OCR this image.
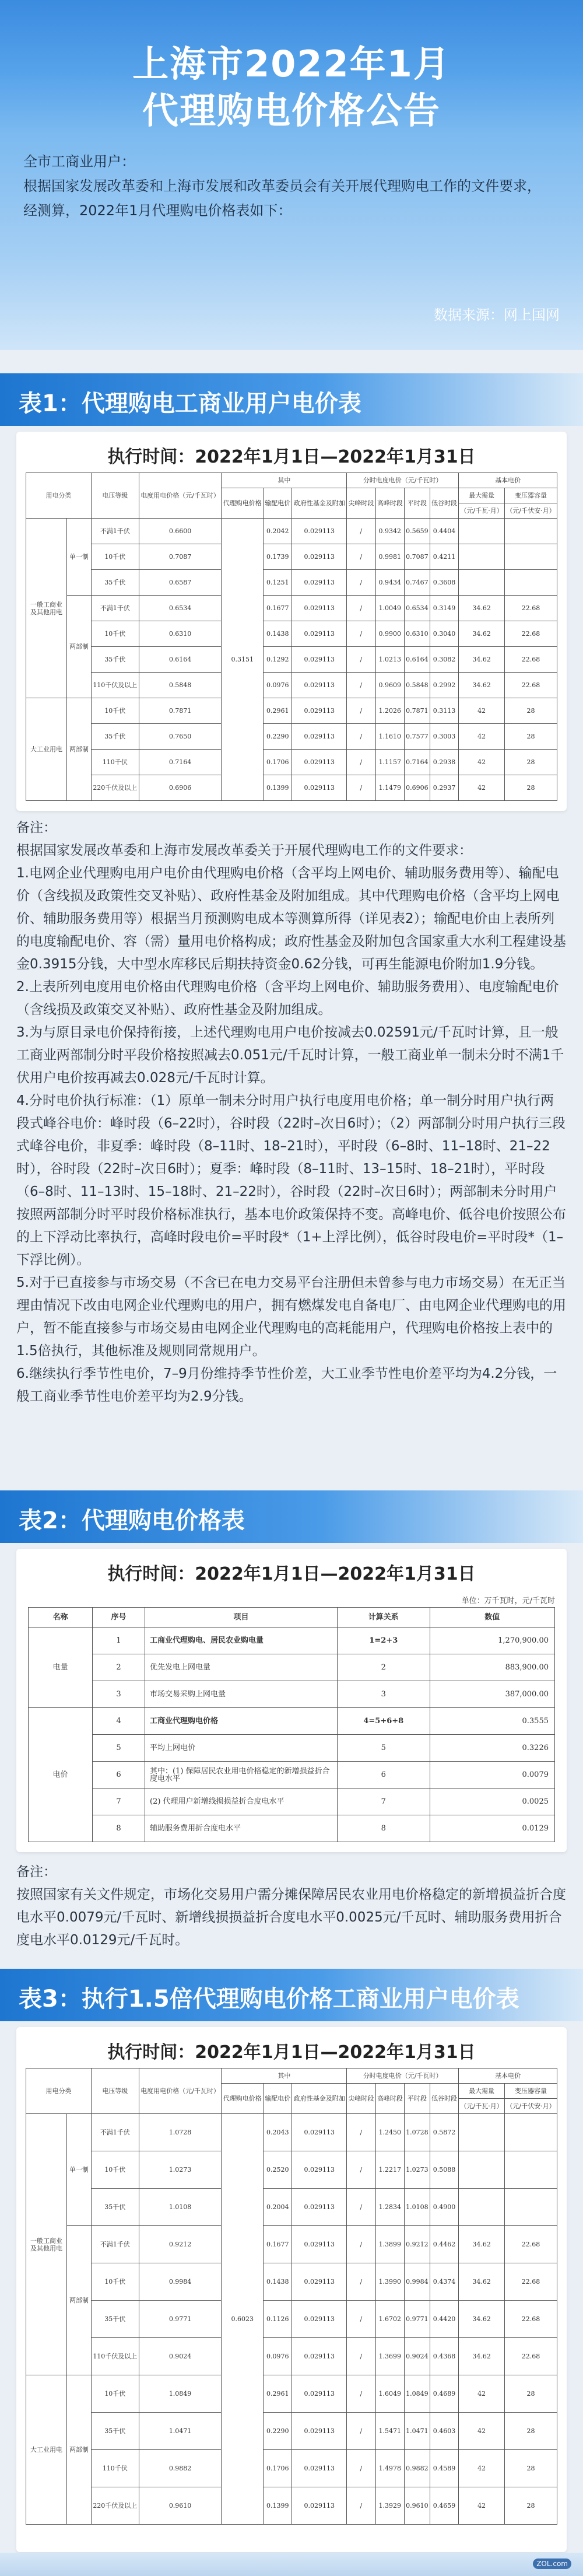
上海市2022年1月
代理购电价格公告

全市工商业用户：

根据国家发展改革委和上海市发展和改革委员会有关开展代理购电工作的文件要求，

经测算，2022年1月代理购电价格表如下：

数据来源：网上国网
表1：代理购电工商业用户电价表
执行时间：2022年1月1日—2022年1月31日
用电分类		电压等级	电度用电价格（元/千瓦时）	其中			分时电度电价（元/千瓦时）				基本电价	
				代理购电价格	输配电价	政府性基金及附加	尖峰时段	高峰时段	平时段	低谷时段	最大需量	变压器容量
											（元/千瓦·月）	（元/千伏安·月）
一般工商业及其他用电	单一制	不满1千伏	0.6600	0.3151	0.2042	0.029113	/	0.9342	0.5659	0.4404		
		10千伏	0.7087		0.1739	0.029113	/	0.9981	0.7087	0.4211		
		35千伏	0.6587		0.1251	0.029113	/	0.9434	0.7467	0.3608		
	两部制	不满1千伏	0.6534		0.1677	0.029113	/	1.0049	0.6534	0.3149	34.62	22.68
		10千伏	0.6310		0.1438	0.029113	/	0.9900	0.6310	0.3040	34.62	22.68
		35千伏	0.6164		0.1292	0.029113	/	1.0213	0.6164	0.3082	34.62	22.68
		110千伏及以上	0.5848		0.0976	0.029113	/	0.9609	0.5848	0.2992	34.62	22.68
大工业用电	两部制	10千伏	0.7871		0.2961	0.029113	/	1.2026	0.7871	0.3113	42	28
		35千伏	0.7650		0.2290	0.029113	/	1.1610	0.7577	0.3003	42	28
		110千伏	0.7164		0.1706	0.029113	/	1.1157	0.7164	0.2938	42	28
		220千伏及以上	0.6906		0.1399	0.029113	/	1.1479	0.6906	0.2937	42	28

备注：

根据国家发展改革委和上海市发展改革委关于开展代理购电工作的文件要求：

1.电网企业代理购电用户电价由代理购电价格（含平均上网电价、辅助服务费用等）、输配电价（含线损及政策性交叉补贴）、政府性基金及附加组成。其中代理购电价格（含平均上网电价、辅助服务费用等）根据当月预测购电成本等测算所得（详见表2）；输配电价由上表所列的电度输配电价、容（需）量用电价格构成；政府性基金及附加包含国家重大水利工程建设基金0.3915分钱，大中型水库移民后期扶持资金0.62分钱，可再生能源电价附加1.9分钱。

2.上表所列电度用电价格由代理购电价格（含平均上网电价、辅助服务费用）、电度输配电价（含线损及政策交叉补贴）、政府性基金及附加组成。

3.为与原目录电价保持衔接，上述代理购电用户电价按减去0.02591元/千瓦时计算，且一般工商业两部制分时平段价格按照减去0.051元/千瓦时计算，一般工商业单一制未分时不满1千伏用户电价按再减去0.028元/千瓦时计算。

4.分时电价执行标准：（1）原单一制未分时用户执行电度用电价格；单一制分时用户执行两段式峰谷电价：峰时段（6–22时），谷时段（22时–次日6时）；（2）两部制分时用户执行三段式峰谷电价，非夏季：峰时段（8–11时、18–21时），平时段（6–8时、11–18时、21–22时），谷时段（22时–次日6时）；夏季：峰时段（8–11时、13–15时、18–21时），平时段（6–8时、11–13时、15–18时、21–22时），谷时段（22时–次日6时）；两部制未分时用户按照两部制分时平时段价格标准执行，基本电价政策保持不变。高峰电价、低谷电价按照公布的上下浮动比率执行，高峰时段电价=平时段*（1+上浮比例），低谷时段电价=平时段*（1–下浮比例）。

5.对于已直接参与市场交易（不含已在电力交易平台注册但未曾参与电力市场交易）在无正当理由情况下改由电网企业代理购电的用户，拥有燃煤发电自备电厂、由电网企业代理购电的用户，暂不能直接参与市场交易由电网企业代理购电的高耗能用户，代理购电价格按上表中的1.5倍执行，其他标准及规则同常规用户。

6.继续执行季节性电价，7–9月份维持季节性价差，大工业季节性电价差平均为4.2分钱，一般工商业季节性电价差平均为2.9分钱。

表2：代理购电价格表
执行时间：2022年1月1日—2022年1月31日
单位：万千瓦时，元/千瓦时
名称	序号	项目	计算关系	数值
电量	1	工商业代理购电、居民农业购电量	1=2+3	1,270,900.00
	2	优先发电上网电量	2	883,900.00
	3	市场交易采购上网电量	3	387,000.00
电价	4	工商业代理购电价格	4=5+6+8	0.3555
	5	平均上网电价	5	0.3226
	6	其中：(1) 保障居民农业用电价格稳定的新增损益折合度电水平	6	0.0079
	7	(2) 代理用户新增线损损益折合度电水平	7	0.0025
	8	辅助服务费用折合度电水平	8	0.0129

备注：

按照国家有关文件规定，市场化交易用户需分摊保障居民农业用电价格稳定的新增损益折合度电水平0.0079元/千瓦时、新增线损损益折合度电水平0.0025元/千瓦时、辅助服务费用折合度电水平0.0129元/千瓦时。

表3：执行1.5倍代理购电价格工商业用户电价表
执行时间：2022年1月1日—2022年1月31日
用电分类		电压等级	电度用电价格（元/千瓦时）	其中			分时电度电价（元/千瓦时）				基本电价	
				代理购电价格	输配电价	政府性基金及附加	尖峰时段	高峰时段	平时段	低谷时段	最大需量	变压器容量
											（元/千瓦·月）	（元/千伏安·月）
一般工商业及其他用电	单一制	不满1千伏	1.0728	0.6023	0.2043	0.029113	/	1.2450	1.0728	0.5872		
		10千伏	1.0273		0.2520	0.029113	/	1.2217	1.0273	0.5088		
		35千伏	1.0108		0.2004	0.029113	/	1.2834	1.0108	0.4900		
	两部制	不满1千伏	0.9212		0.1677	0.029113	/	1.3899	0.9212	0.4462	34.62	22.68
		10千伏	0.9984		0.1438	0.029113	/	1.3990	0.9984	0.4374	34.62	22.68
		35千伏	0.9771		0.1126	0.029113	/	1.6702	0.9771	0.4420	34.62	22.68
		110千伏及以上	0.9024		0.0976	0.029113	/	1.3699	0.9024	0.4368	34.62	22.68
大工业用电	两部制	10千伏	1.0849		0.2961	0.029113	/	1.6049	1.0849	0.4689	42	28
		35千伏	1.0471		0.2290	0.029113	/	1.5471	1.0471	0.4603	42	28
		110千伏	0.9882		0.1706	0.029113	/	1.4978	0.9882	0.4589	42	28
		220千伏及以上	0.9610		0.1399	0.029113	/	1.3929	0.9610	0.4659	42	28
ZOL.com
